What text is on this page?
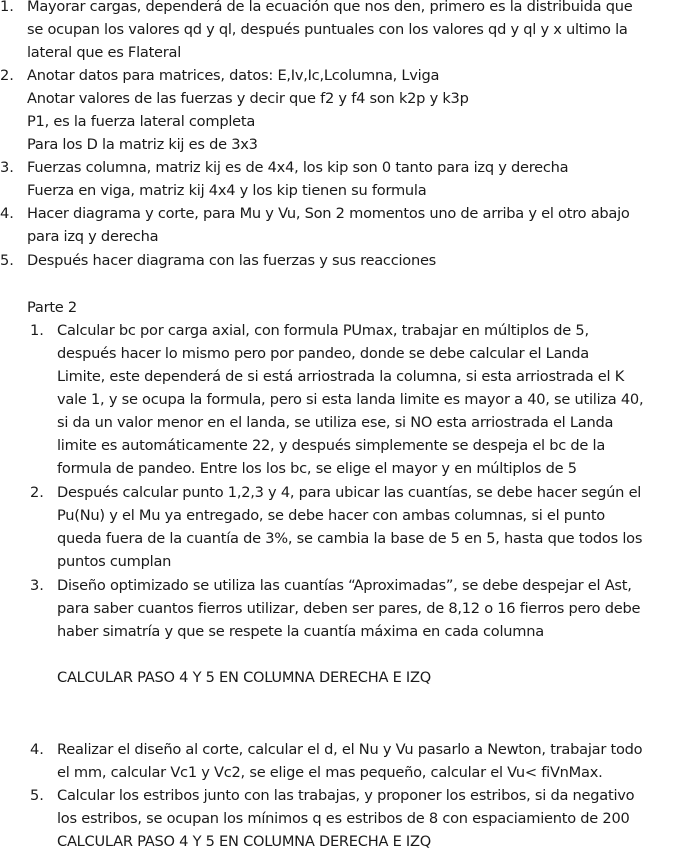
1. Mayorar cargas, dependerá de la ecuación que nos den, primero es la distribuida que
se ocupan los valores qd y ql, después puntuales con los valores qd y ql y x ultimo la
lateral que es Flateral
2. Anotar datos para matrices, datos: E,Iv,Ic,Lcolumna, Lviga
Anotar valores de las fuerzas y decir que f2 y f4 son k2p y k3p
P1, es la fuerza lateral completa
Para los D la matriz kij es de 3x3
3. Fuerzas columna, matriz kij es de 4x4, los kip son 0 tanto para izq y derecha
Fuerza en viga, matriz kij 4x4 y los kip tienen su formula
4. Hacer diagrama y corte, para Mu y Vu, Son 2 momentos uno de arriba y el otro abajo
para izq y derecha
5. Después hacer diagrama con las fuerzas y sus reacciones
Parte 2
1. Calcular bc por carga axial, con formula PUmax, trabajar en múltiplos de 5,
después hacer lo mismo pero por pandeo, donde se debe calcular el Landa
Limite, este dependerá de si está arriostrada la columna, si esta arriostrada el K
vale 1, y se ocupa la formula, pero si esta landa limite es mayor a 40, se utiliza 40,
si da un valor menor en el landa, se utiliza ese, si NO esta arriostrada el Landa
limite es automáticamente 22, y después simplemente se despeja el bc de la
formula de pandeo. Entre los los bc, se elige el mayor y en múltiplos de 5
2. Después calcular punto 1,2,3 y 4, para ubicar las cuantías, se debe hacer según el
Pu(Nu) y el Mu ya entregado, se debe hacer con ambas columnas, si el punto
queda fuera de la cuantía de 3%, se cambia la base de 5 en 5, hasta que todos los
puntos cumplan
3. Diseño optimizado se utiliza las cuantías “Aproximadas”, se debe despejar el Ast,
para saber cuantos fierros utilizar, deben ser pares, de 8,12 o 16 fierros pero debe
haber simatría y que se respete la cuantía máxima en cada columna
CALCULAR PASO 4 Y 5 EN COLUMNA DERECHA E IZQ
4. Realizar el diseño al corte, calcular el d, el Nu y Vu pasarlo a Newton, trabajar todo
el mm, calcular Vc1 y Vc2, se elige el mas pequeño, calcular el Vu< fiVnMax.
5. Calcular los estribos junto con las trabajas, y proponer los estribos, si da negativo
los estribos, se ocupan los mínimos q es estribos de 8 con espaciamiento de 200
CALCULAR PASO 4 Y 5 EN COLUMNA DERECHA E IZQ
